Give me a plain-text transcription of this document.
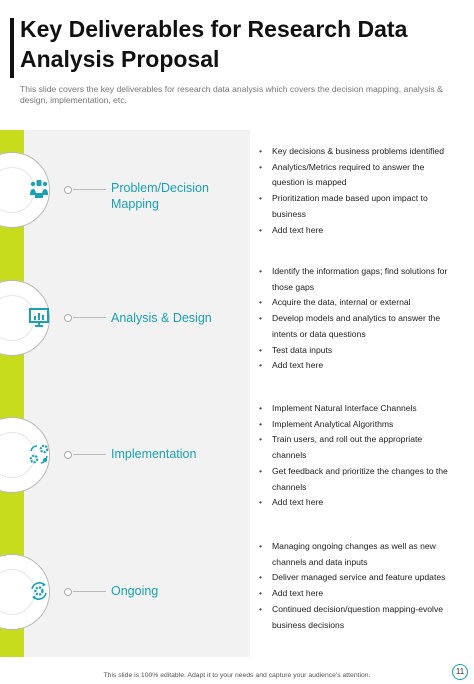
Key Deliverables for Research Data Analysis Proposal
This slide covers the key deliverables for research data analysis which covers the decision mapping, analysis & design, implementation, etc.
Problem/Decision Mapping
• Key decisions & business problems identified
• Analytics/Metrics required to answer the question is mapped
• Prioritization made based upon impact to business
• Add text here
Analysis & Design
• Identify the information gaps; find solutions for those gaps
• Acquire the data, internal or external
• Develop models and analytics to answer the intents or data questions
• Test data inputs
• Add text here
Implementation
• Implement Natural Interface Channels
• Implement Analytical Algorithms
• Train users, and roll out the appropriate channels
• Get feedback and prioritize the changes to the channels
• Add text here
Ongoing
• Managing ongoing changes as well as new channels and data inputs
• Deliver managed service and feature updates
• Add text here
• Continued decision/question mapping-evolve business decisions
This slide is 100% editable. Adapt it to your needs and capture your audience's attention.	11
